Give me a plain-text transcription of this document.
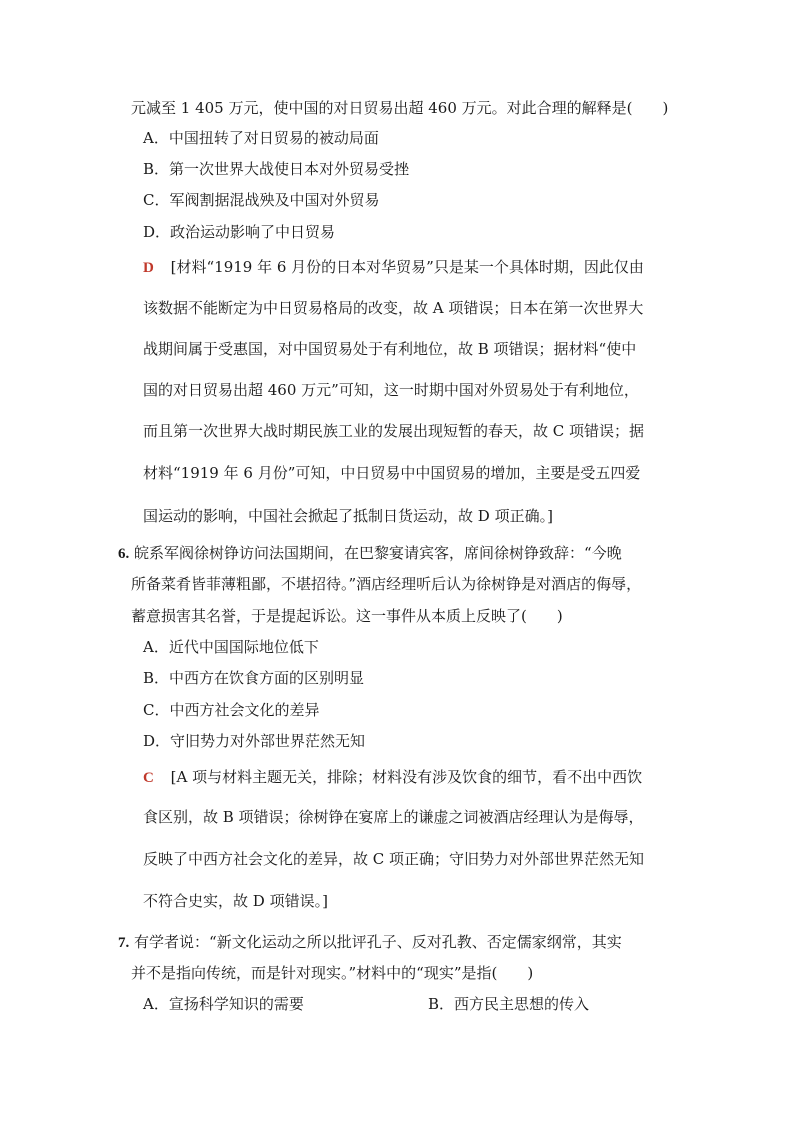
元减至 1 405 万元，使中国的对日贸易出超 460 万元。对此合理的解释是(　　)
A．中国扭转了对日贸易的被动局面
B．第一次世界大战使日本对外贸易受挫
C．军阀割据混战殃及中国对外贸易
D．政治运动影响了中日贸易
D [材料“1919 年 6 月份的日本对华贸易”只是某一个具体时期，因此仅由
该数据不能断定为中日贸易格局的改变，故 A 项错误；日本在第一次世界大
战期间属于受惠国，对中国贸易处于有利地位，故 B 项错误；据材料“使中
国的对日贸易出超 460 万元”可知，这一时期中国对外贸易处于有利地位，
而且第一次世界大战时期民族工业的发展出现短暂的春天，故 C 项错误；据
材料“1919 年 6 月份”可知，中日贸易中中国贸易的增加，主要是受五四爱
国运动的影响，中国社会掀起了抵制日货运动，故 D 项正确。]
6. 皖系军阀徐树铮访问法国期间，在巴黎宴请宾客，席间徐树铮致辞：“今晚
所备菜肴皆菲薄粗鄙，不堪招待。”酒店经理听后认为徐树铮是对酒店的侮辱，
蓄意损害其名誉，于是提起诉讼。这一事件从本质上反映了(　　)
A．近代中国国际地位低下
B．中西方在饮食方面的区别明显
C．中西方社会文化的差异
D．守旧势力对外部世界茫然无知
C [A 项与材料主题无关，排除；材料没有涉及饮食的细节，看不出中西饮
食区别，故 B 项错误；徐树铮在宴席上的谦虚之词被酒店经理认为是侮辱，
反映了中西方社会文化的差异，故 C 项正确；守旧势力对外部世界茫然无知
不符合史实，故 D 项错误。]
7. 有学者说：“新文化运动之所以批评孔子、反对孔教、否定儒家纲常，其实
并不是指向传统，而是针对现实。”材料中的“现实”是指(　　)
A．宣扬科学知识的需要	B．西方民主思想的传入
